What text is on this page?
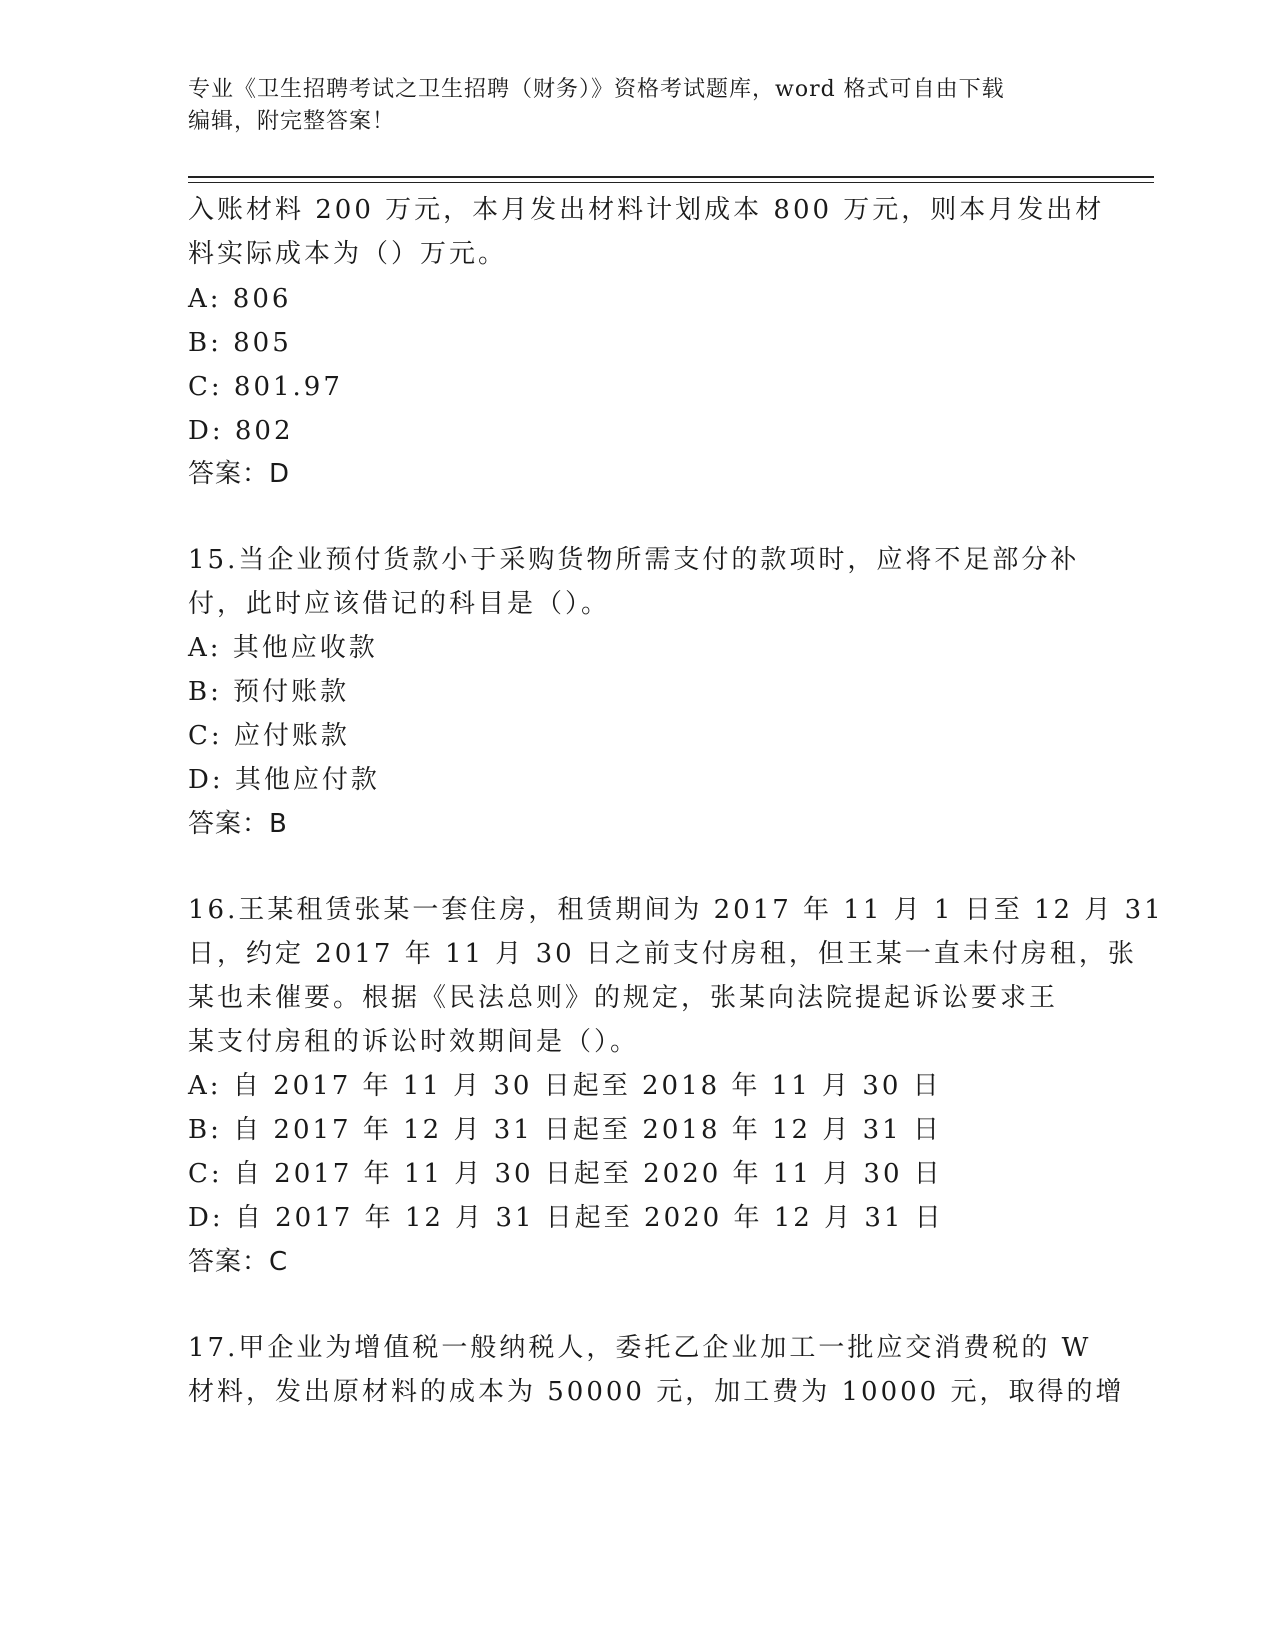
专业《卫生招聘考试之卫生招聘（财务）》资格考试题库，word 格式可自由下载
编辑，附完整答案！
入账材料 200 万元，本月发出材料计划成本 800 万元，则本月发出材
料实际成本为（）万元。
A: 806
B: 805
C: 801.97
D: 802
答案：D
15.当企业预付货款小于采购货物所需支付的款项时，应将不足部分补
付，此时应该借记的科目是（）。
A: 其他应收款
B: 预付账款
C: 应付账款
D: 其他应付款
答案：B
16.王某租赁张某一套住房，租赁期间为 2017 年 11 月 1 日至 12 月 31
日，约定 2017 年 11 月 30 日之前支付房租，但王某一直未付房租，张
某也未催要。根据《民法总则》的规定，张某向法院提起诉讼要求王
某支付房租的诉讼时效期间是（）。
A: 自 2017 年 11 月 30 日起至 2018 年 11 月 30 日
B: 自 2017 年 12 月 31 日起至 2018 年 12 月 31 日
C: 自 2017 年 11 月 30 日起至 2020 年 11 月 30 日
D: 自 2017 年 12 月 31 日起至 2020 年 12 月 31 日
答案：C
17.甲企业为增值税一般纳税人，委托乙企业加工一批应交消费税的 W
材料，发出原材料的成本为 50000 元，加工费为 10000 元，取得的增
